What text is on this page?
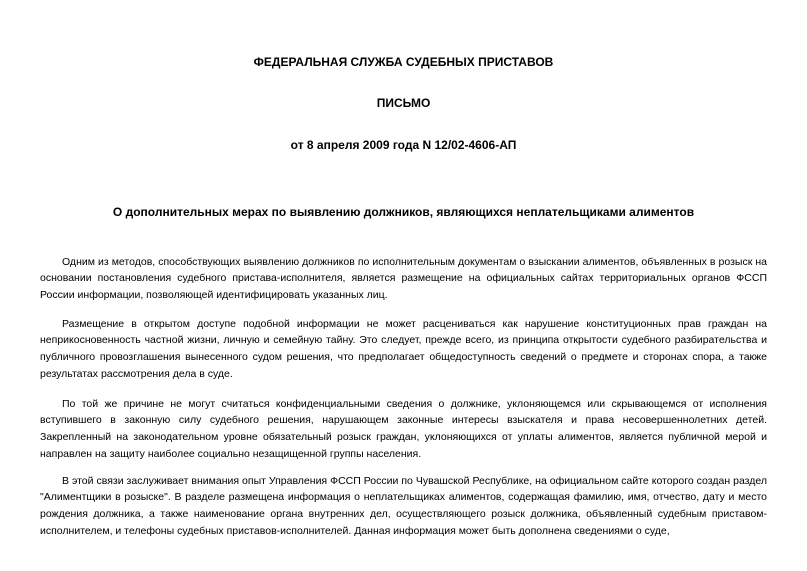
ФЕДЕРАЛЬНАЯ СЛУЖБА СУДЕБНЫХ ПРИСТАВОВ
ПИСЬМО
от 8 апреля 2009 года N 12/02-4606-АП
О дополнительных мерах по выявлению должников, являющихся неплательщиками алиментов

Одним из методов, способствующих выявлению должников по исполнительным документам о взыскании алиментов, объявленных в розыск на основании постановления судебного пристава-исполнителя, является размещение на официальных сайтах территориальных органов ФССП России информации, позволяющей идентифицировать указанных лиц.

Размещение в открытом доступе подобной информации не может расцениваться как нарушение конституционных прав граждан на неприкосновенность частной жизни, личную и семейную тайну. Это следует, прежде всего, из принципа открытости судебного разбирательства и публичного провозглашения вынесенного судом решения, что предполагает общедоступность сведений о предмете и сторонах спора, а также результатах рассмотрения дела в суде.

По той же причине не могут считаться конфиденциальными сведения о должнике, уклоняющемся или скрывающемся от исполнения вступившего в законную силу судебного решения, нарушающем законные интересы взыскателя и права несовершеннолетних детей. Закрепленный на законодательном уровне обязательный розыск граждан, уклоняющихся от уплаты алиментов, является публичной мерой и направлен на защиту наиболее социально незащищенной группы населения.

В этой связи заслуживает внимания опыт Управления ФССП России по Чувашской Республике, на официальном сайте которого создан раздел "Алиментщики в розыске". В разделе размещена информация о неплательщиках алиментов, содержащая фамилию, имя, отчество, дату и место рождения должника, а также наименование органа внутренних дел, осуществляющего розыск должника, объявленный судебным приставом-исполнителем, и телефоны судебных приставов-исполнителей. Данная информация может быть дополнена сведениями о суде,
